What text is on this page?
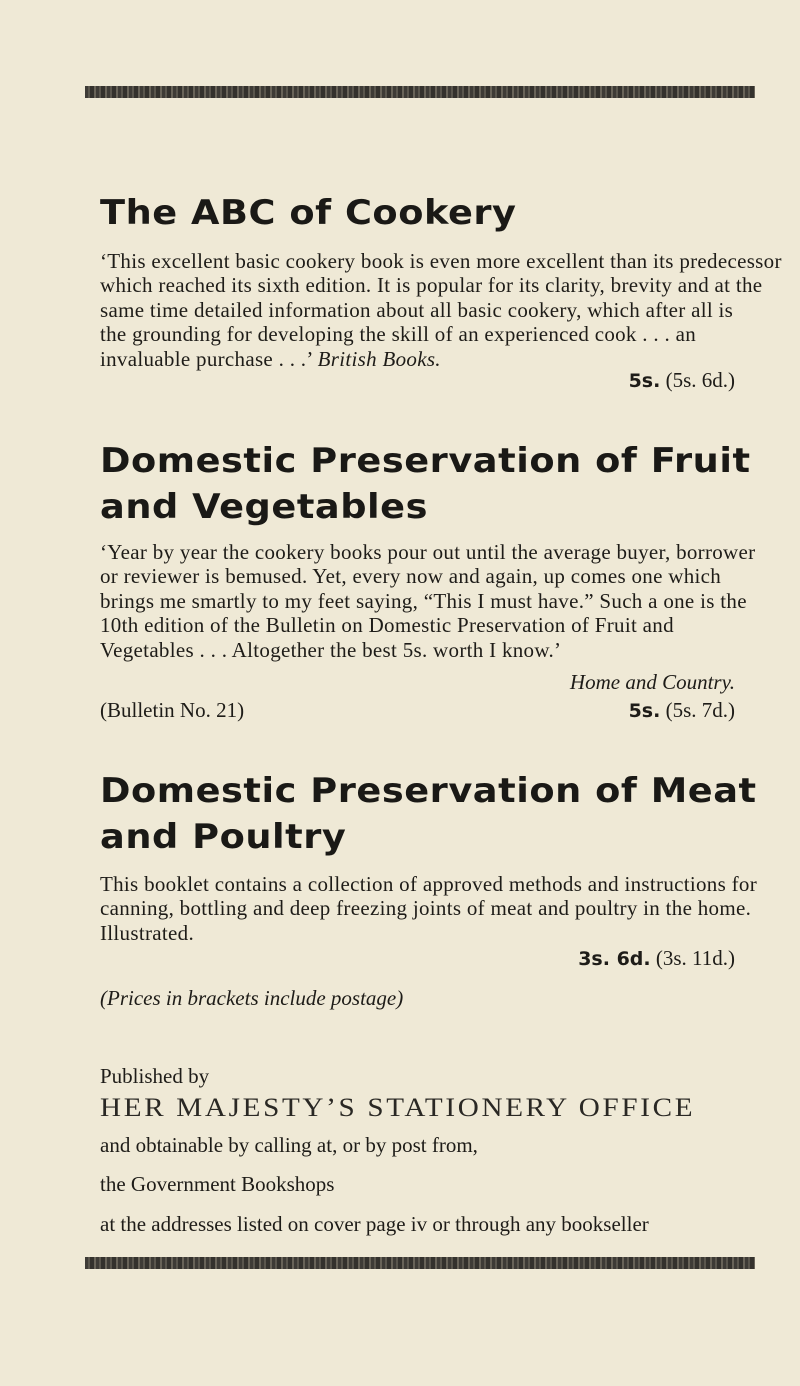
The ABC of Cookery
‘This excellent basic cookery book is even more excellent than its predecessor
which reached its sixth edition. It is popular for its clarity, brevity and at the
same time detailed information about all basic cookery, which after all is
the grounding for developing the skill of an experienced cook . . . an
invaluable purchase . . .’ British Books.

5s. (5s. 6d.)

Domestic Preservation of Fruit
and Vegetables
‘Year by year the cookery books pour out until the average buyer, borrower
or reviewer is bemused. Yet, every now and again, up comes one which
brings me smartly to my feet saying, “This I must have.” Such a one is the
10th edition of the Bulletin on Domestic Preservation of Fruit and
Vegetables . . . Altogether the best 5s. worth I know.’

Home and Country.

(Bulletin No. 21)	5s. (5s. 7d.)

Domestic Preservation of Meat
and Poultry
This booklet contains a collection of approved methods and instructions for
canning, bottling and deep freezing joints of meat and poultry in the home.
Illustrated.

3s. 6d. (3s. 11d.)

(Prices in brackets include postage)

Published by

HER MAJESTY’S STATIONERY OFFICE

and obtainable by calling at, or by post from,

the Government Bookshops

at the addresses listed on cover page iv or through any bookseller
